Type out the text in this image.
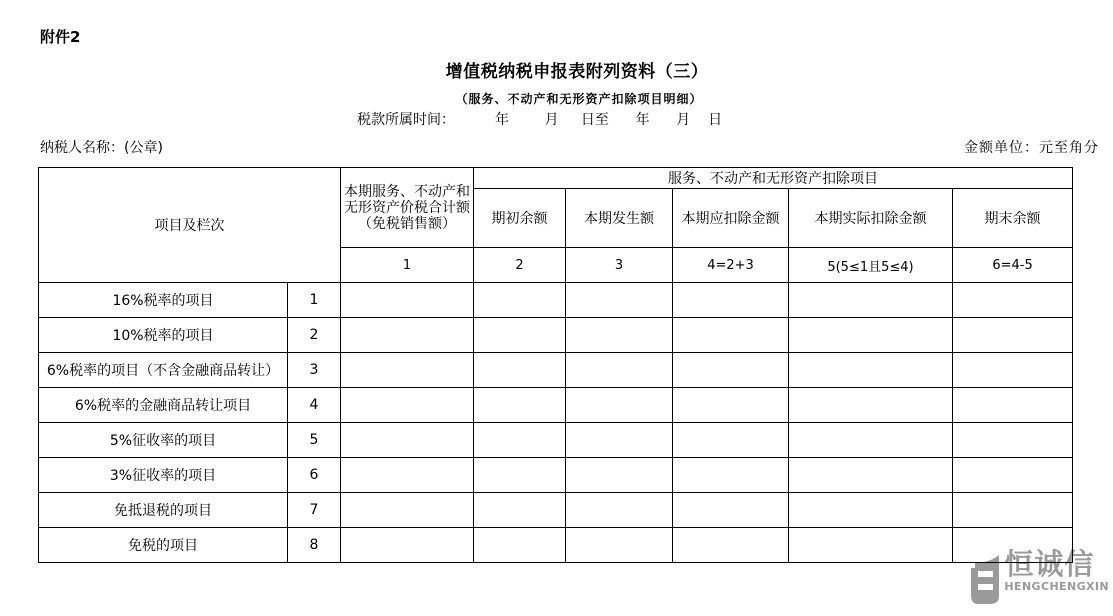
附件2
增值税纳税申报表附列资料（三）
（服务、不动产和无形资产扣除项目明细）
税款所属时间：         年        月     日至      年      月    日
纳税人名称：(公章)	金额单位：元至角分
项目及栏次		本期服务、不动产和无形资产价税合计额（免税销售额）	服务、不动产和无形资产扣除项目				
			期初余额	本期发生额	本期应扣除金额	本期实际扣除金额	期末余额
		1	2	3	4=2+3	5(5≤1且5≤4)	6=4-5
16%税率的项目	1						
10%税率的项目	2						
6%税率的项目（不含金融商品转让）	3						
6%税率的金融商品转让项目	4						
5%征收率的项目	5						
3%征收率的项目	6						
免抵退税的项目	7						
免税的项目	8						
恒诚信
HENGCHENGXIN
